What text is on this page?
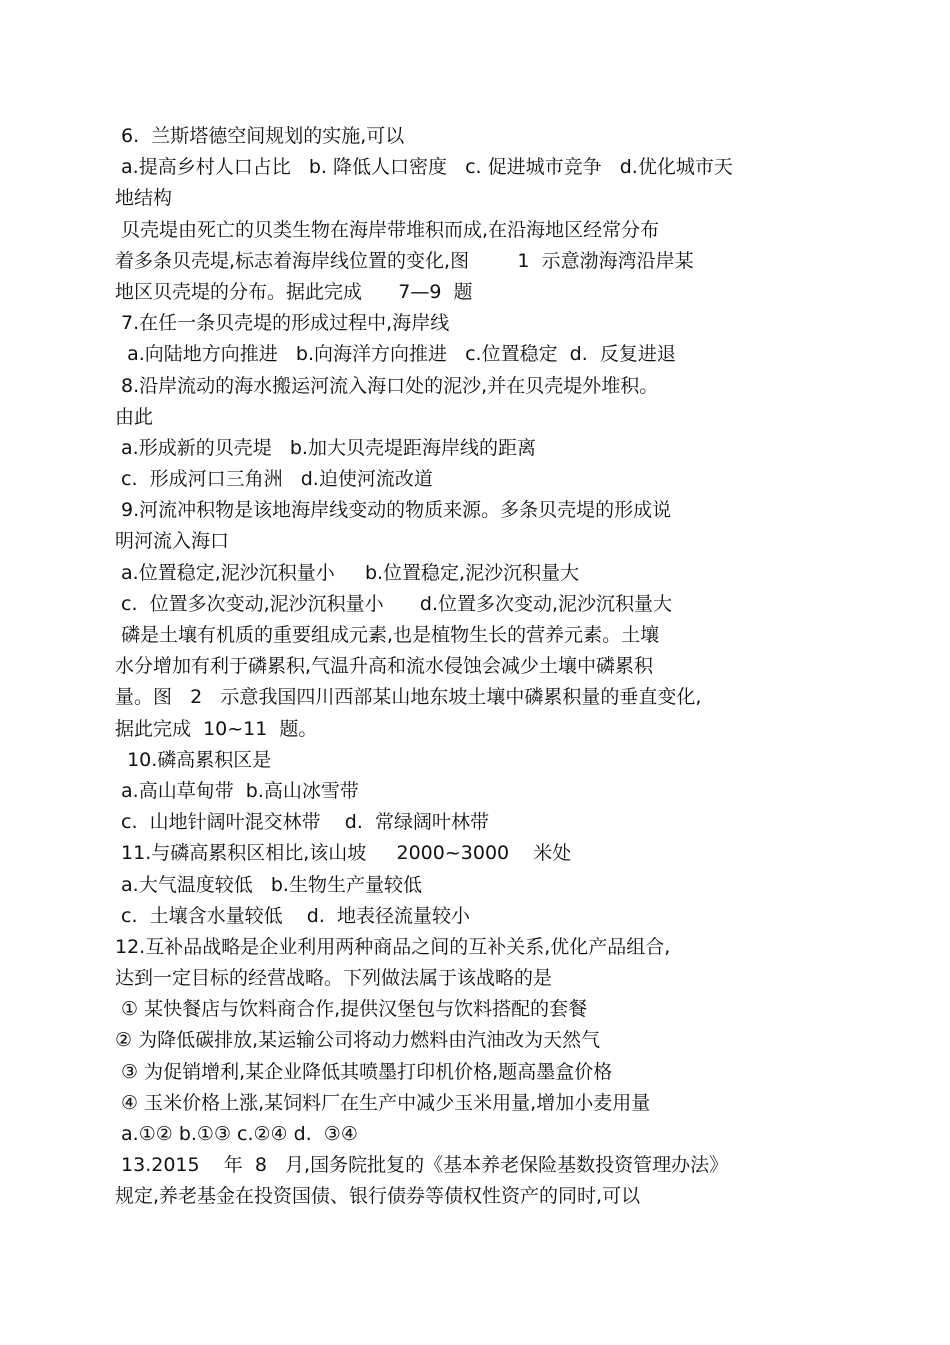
6.  兰斯塔德空间规划的实施,可以
a.提高乡村人口占比   b. 降低人口密度   c. 促进城市竞争   d.优化城市天
地结构
贝壳堤由死亡的贝类生物在海岸带堆积而成,在沿海地区经常分布
着多条贝壳堤,标志着海岸线位置的变化,图        1  示意渤海湾沿岸某
地区贝壳堤的分布。据此完成      7—9  题
7.在任一条贝壳堤的形成过程中,海岸线
a.向陆地方向推进   b.向海洋方向推进   c.位置稳定  d.  反复进退
8.沿岸流动的海水搬运河流入海口处的泥沙,并在贝壳堤外堆积。
由此
a.形成新的贝壳堤   b.加大贝壳堤距海岸线的距离
c.  形成河口三角洲   d.迫使河流改道
9.河流冲积物是该地海岸线变动的物质来源。多条贝壳堤的形成说
明河流入海口
a.位置稳定,泥沙沉积量小     b.位置稳定,泥沙沉积量大
c.  位置多次变动,泥沙沉积量小      d.位置多次变动,泥沙沉积量大
磷是土壤有机质的重要组成元素,也是植物生长的营养元素。土壤
水分增加有利于磷累积,气温升高和流水侵蚀会减少土壤中磷累积
量。图   2   示意我国四川西部某山地东坡土壤中磷累积量的垂直变化,
据此完成  10~11  题。
10.磷高累积区是
a.高山草甸带  b.高山冰雪带
c.  山地针阔叶混交林带    d.  常绿阔叶林带
11.与磷高累积区相比,该山坡     2000~3000    米处
a.大气温度较低   b.生物生产量较低
c.  土壤含水量较低    d.  地表径流量较小
12.互补品战略是企业利用两种商品之间的互补关系,优化产品组合,
达到一定目标的经营战略。下列做法属于该战略的是
① 某快餐店与饮料商合作,提供汉堡包与饮料搭配的套餐
② 为降低碳排放,某运输公司将动力燃料由汽油改为天然气
③ 为促销增利,某企业降低其喷墨打印机价格,题高墨盒价格
④ 玉米价格上涨,某饲料厂在生产中减少玉米用量,增加小麦用量
a.①② b.①③ c.②④ d.  ③④
13.2015    年  8   月,国务院批复的《基本养老保险基数投资管理办法》
规定,养老基金在投资国债、银行债券等债权性资产的同时,可以
